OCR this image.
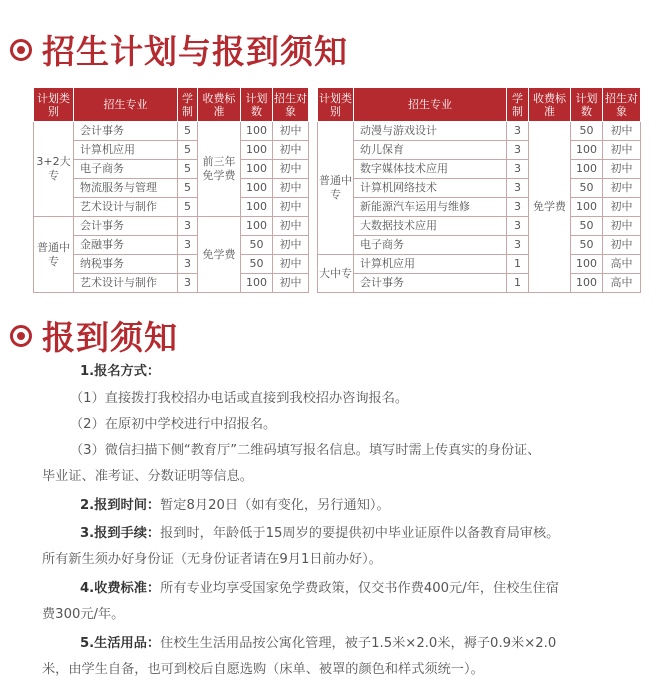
招生计划与报到须知
计划类别	招生专业	学制	收费标准	计划数	招生对象
3+2大专	会计事务	5	前三年免学费	100	初中
	计算机应用	5		100	初中
	电子商务	5		100	初中
	物流服务与管理	5		100	初中
	艺术设计与制作	5		100	初中
普通中专	会计事务	3	免学费	100	初中
	金融事务	3		50	初中
	纳税事务	3		50	初中
	艺术设计与制作	3		100	初中
计划类别	招生专业	学制	收费标准	计划数	招生对象
普通中专	动漫与游戏设计	3	免学费	50	初中
	幼儿保育	3		100	初中
	数字媒体技术应用	3		100	初中
	计算机网络技术	3		50	初中
	新能源汽车运用与维修	3		100	初中
	大数据技术应用	3		50	初中
	电子商务	3		50	初中
大中专	计算机应用	1		100	高中
	会计事务	1		100	高中
报到须知
1.报名方式：
（1）直接拨打我校招办电话或直接到我校招办咨询报名。
（2）在原初中学校进行中招报名。
（3）微信扫描下侧“教育厅”二维码填写报名信息。填写时需上传真实的身份证、
毕业证、准考证、分数证明等信息。
2.报到时间：暂定8月20日（如有变化，另行通知）。
3.报到手续：报到时，年龄低于15周岁的要提供初中毕业证原件以备教育局审核。
所有新生须办好身份证（无身份证者请在9月1日前办好）。
4.收费标准：所有专业均享受国家免学费政策，仅交书作费400元/年，住校生住宿
费300元/年。
5.生活用品：住校生生活用品按公寓化管理，被子1.5米×2.0米，褥子0.9米×2.0
米，由学生自备，也可到校后自愿选购（床单、被罩的颜色和样式须统一）。
